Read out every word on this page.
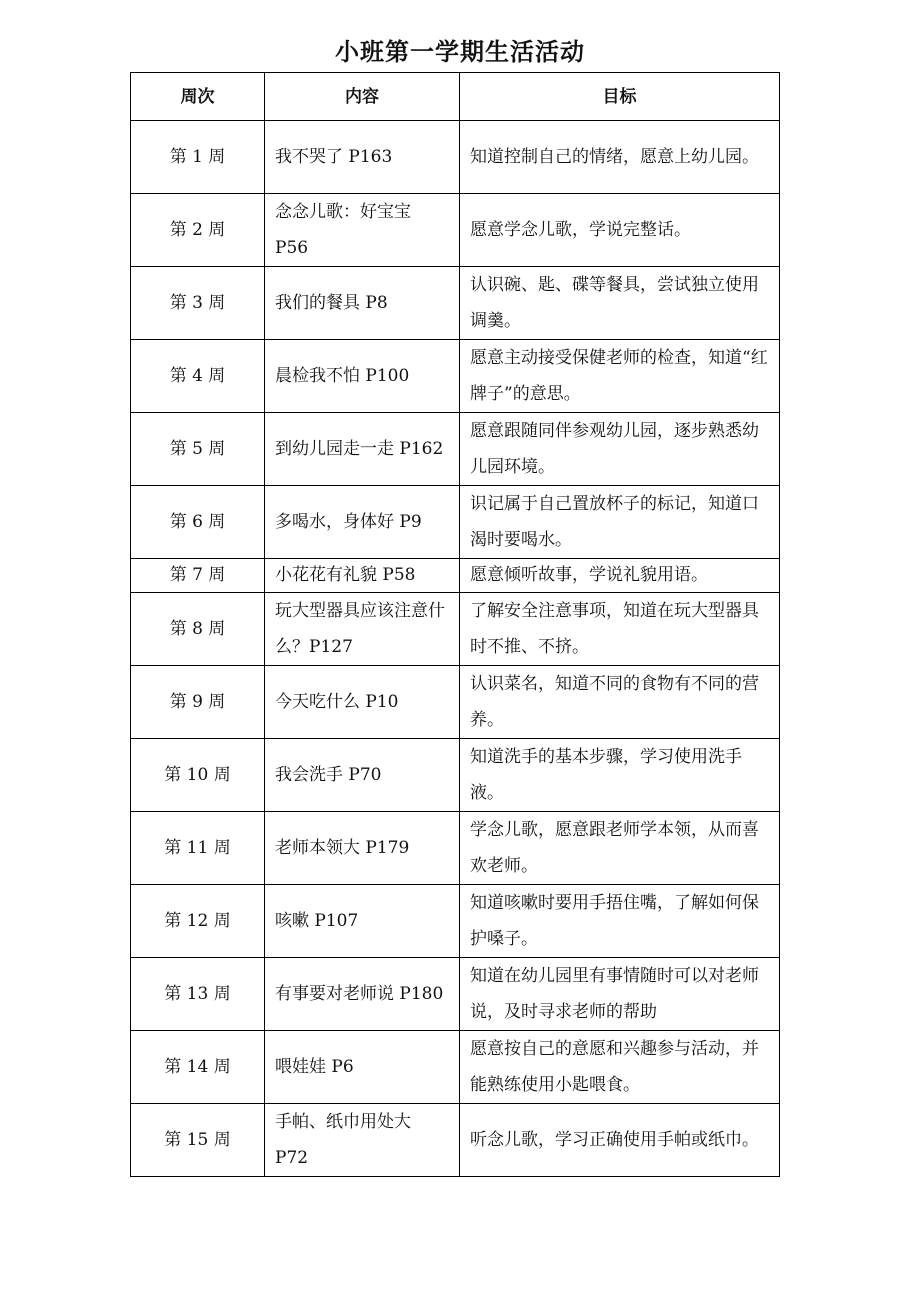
小班第一学期生活活动
周次	内容	目标
第 1 周	我不哭了 P163	知道控制自己的情绪，愿意上幼儿园。
第 2 周	念念儿歌：好宝宝 P56	愿意学念儿歌，学说完整话。
第 3 周	我们的餐具 P8	认识碗、匙、碟等餐具，尝试独立使用调羹。
第 4 周	晨检我不怕 P100	愿意主动接受保健老师的检查，知道“红牌子”的意思。
第 5 周	到幼儿园走一走 P162	愿意跟随同伴参观幼儿园，逐步熟悉幼儿园环境。
第 6 周	多喝水，身体好 P9	识记属于自己置放杯子的标记，知道口渴时要喝水。
第 7 周	小花花有礼貌 P58	愿意倾听故事，学说礼貌用语。
第 8 周	玩大型器具应该注意什么？P127	了解安全注意事项，知道在玩大型器具时不推、不挤。
第 9 周	今天吃什么 P10	认识菜名，知道不同的食物有不同的营养。
第 10 周	我会洗手 P70	知道洗手的基本步骤，学习使用洗手液。
第 11 周	老师本领大 P179	学念儿歌，愿意跟老师学本领，从而喜欢老师。
第 12 周	咳嗽 P107	知道咳嗽时要用手捂住嘴，了解如何保护嗓子。
第 13 周	有事要对老师说 P180	知道在幼儿园里有事情随时可以对老师说，及时寻求老师的帮助
第 14 周	喂娃娃 P6	愿意按自己的意愿和兴趣参与活动，并能熟练使用小匙喂食。
第 15 周	手帕、纸巾用处大 P72	听念儿歌，学习正确使用手帕或纸巾。
